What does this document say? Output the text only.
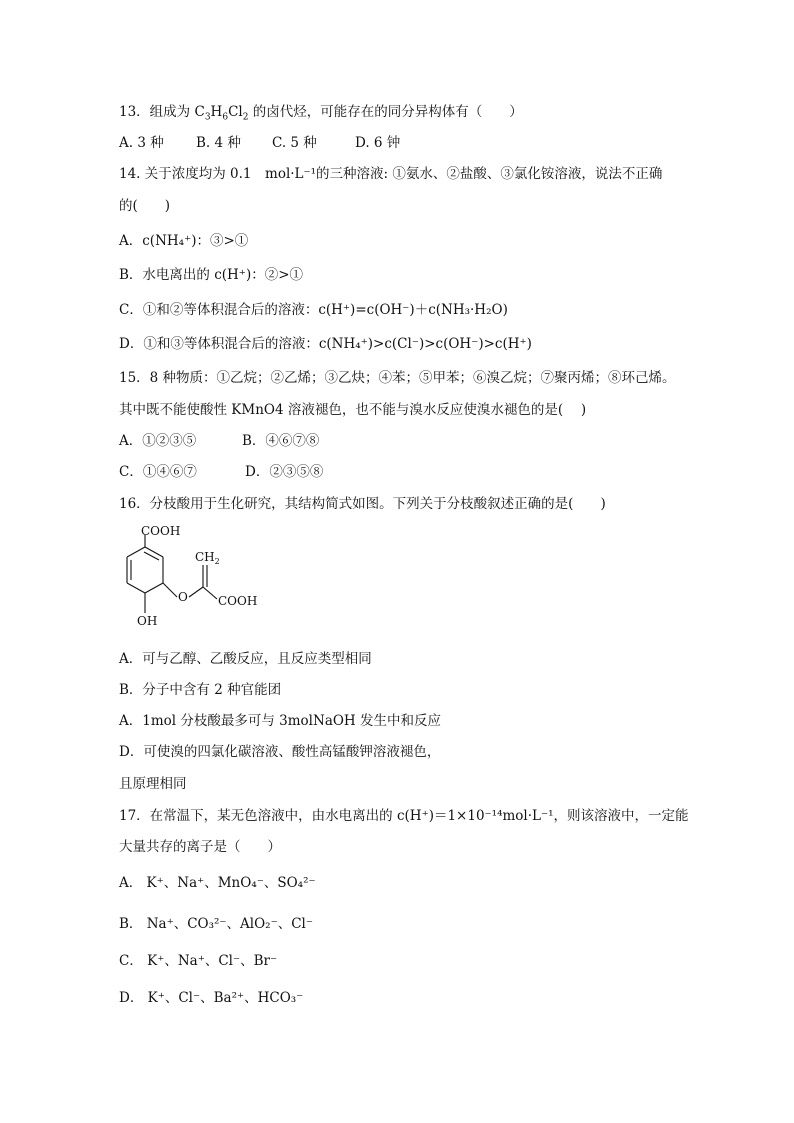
13．组成为 $C_3H_6Cl_2$ 的卤代烃，可能存在的同分异构体有（　　）
A. 3 种 B. 4 种 C. 5 种	D. 6 钟
14. 关于浓度均为 0.1　mol·L⁻¹的三种溶液: ①氨水、②盐酸、③氯化铵溶液，说法不正确
的(　　)
A．c(NH₄⁺)：③>①
B．水电离出的 c(H⁺)：②>①
C．①和②等体积混合后的溶液：c(H⁺)=c(OH⁻)＋c(NH₃·H₂O)
D．①和③等体积混合后的溶液：c(NH₄⁺)>c(Cl⁻)>c(OH⁻)>c(H⁺)
15．8 种物质：①乙烷；②乙烯；③乙炔；④苯；⑤甲苯；⑥溴乙烷；⑦聚丙烯；⑧环己烯。
其中既不能使酸性 KMnO4 溶液褪色，也不能与溴水反应使溴水褪色的是(　 )
A．①②③⑤	B．④⑥⑦⑧
C．①④⑥⑦	D．②③⑤⑧
16．分枝酸用于生化研究，其结构简式如图。下列关于分枝酸叙述正确的是(　　)
COOH
$CH_2$
O	COOH
OH
A．可与乙醇、乙酸反应，且反应类型相同
B．分子中含有 2 种官能团
A．1mol 分枝酸最多可与 3molNaOH 发生中和反应
D．可使溴的四氯化碳溶液、酸性高锰酸钾溶液褪色，
且原理相同
17．在常温下，某无色溶液中，由水电离出的 c(H⁺)＝1×10⁻¹⁴mol·L⁻¹，则该溶液中，一定能
大量共存的离子是（　　）
A． K⁺、Na⁺、MnO₄⁻、SO₄²⁻
B． Na⁺、CO₃²⁻、AlO₂⁻、Cl⁻
C． K⁺、Na⁺、Cl⁻、Br⁻
D． K⁺、Cl⁻、Ba²⁺、HCO₃⁻
